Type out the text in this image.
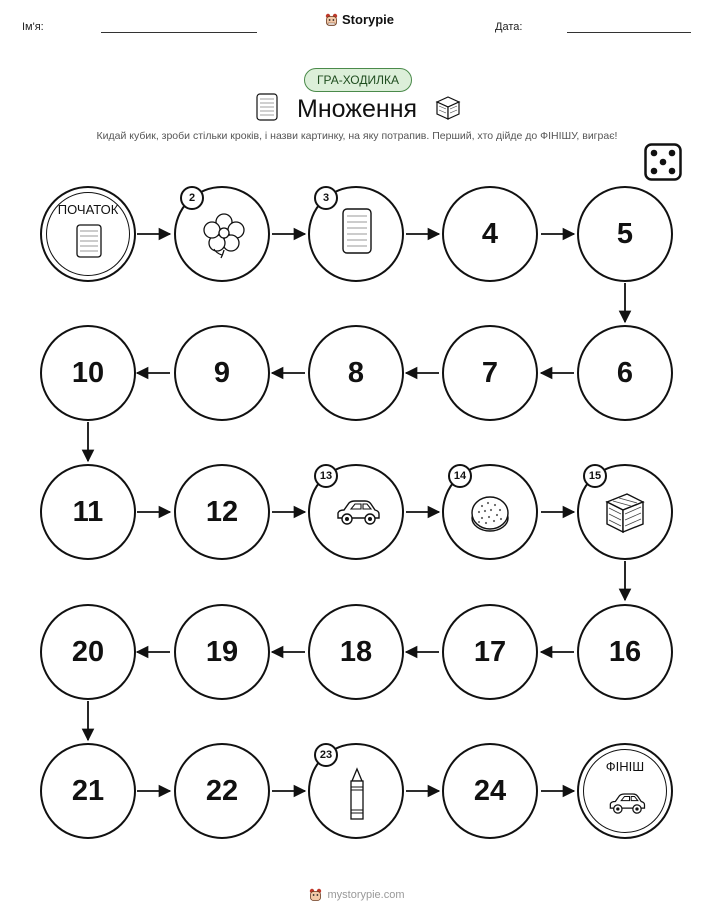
Ім'я:	Storypie	Дата:
ГРА-ХОДИЛКА
Множення
Кидай кубик, зроби стільки кроків, і назви картинку, на яку потрапив. Перший, хто дійде до ФІНІШУ, виграє!
ПОЧАТОК
2	3
4	5
10	9	8	7	6
11	12
13	14	15
20	19	18	17	16
21	22
23
24
ФІНІШ
mystorypie.com
